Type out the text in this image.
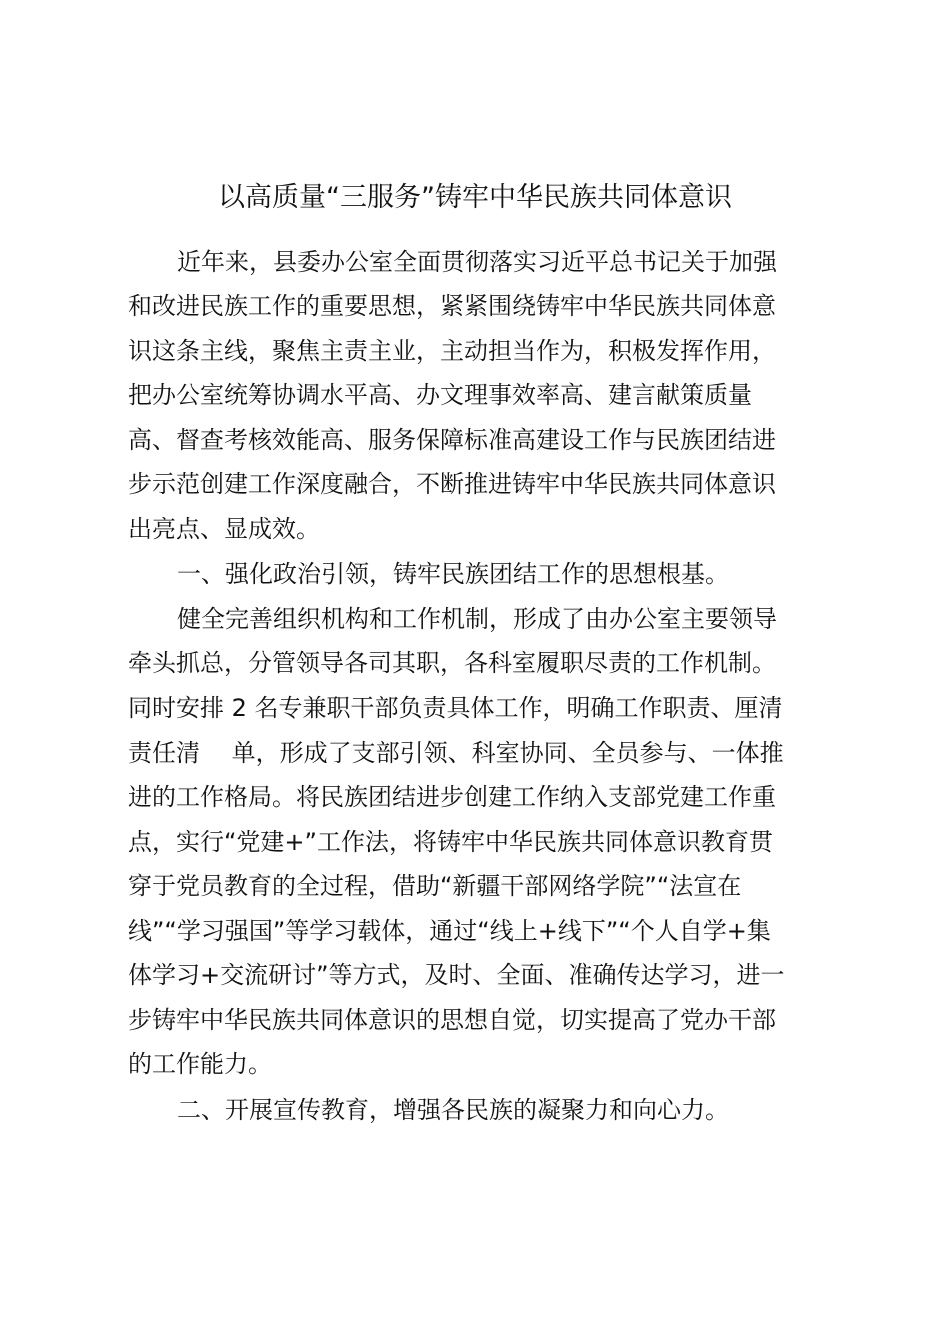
以高质量“三服务”铸牢中华民族共同体意识

近年来，县委办公室全面贯彻落实习近平总书记关于加强

和改进民族工作的重要思想，紧紧围绕铸牢中华民族共同体意

识这条主线，聚焦主责主业，主动担当作为，积极发挥作用，

把办公室统筹协调水平高、办文理事效率高、建言献策质量

高、督查考核效能高、服务保障标准高建设工作与民族团结进

步示范创建工作深度融合，不断推进铸牢中华民族共同体意识

出亮点、显成效。

一、强化政治引领，铸牢民族团结工作的思想根基。

健全完善组织机构和工作机制，形成了由办公室主要领导

牵头抓总，分管领导各司其职，各科室履职尽责的工作机制。

同时安排 2 名专兼职干部负责具体工作，明确工作职责、厘清

责任清　 单，形成了支部引领、科室协同、全员参与、一体推

进的工作格局。将民族团结进步创建工作纳入支部党建工作重

点，实行“党建+”工作法，将铸牢中华民族共同体意识教育贯

穿于党员教育的全过程，借助“新疆干部网络学院”“法宣在

线”“学习强国”等学习载体，通过“线上+线下”“个人自学+集

体学习+交流研讨”等方式，及时、全面、准确传达学习，进一

步铸牢中华民族共同体意识的思想自觉，切实提高了党办干部

的工作能力。

二、开展宣传教育，增强各民族的凝聚力和向心力。
